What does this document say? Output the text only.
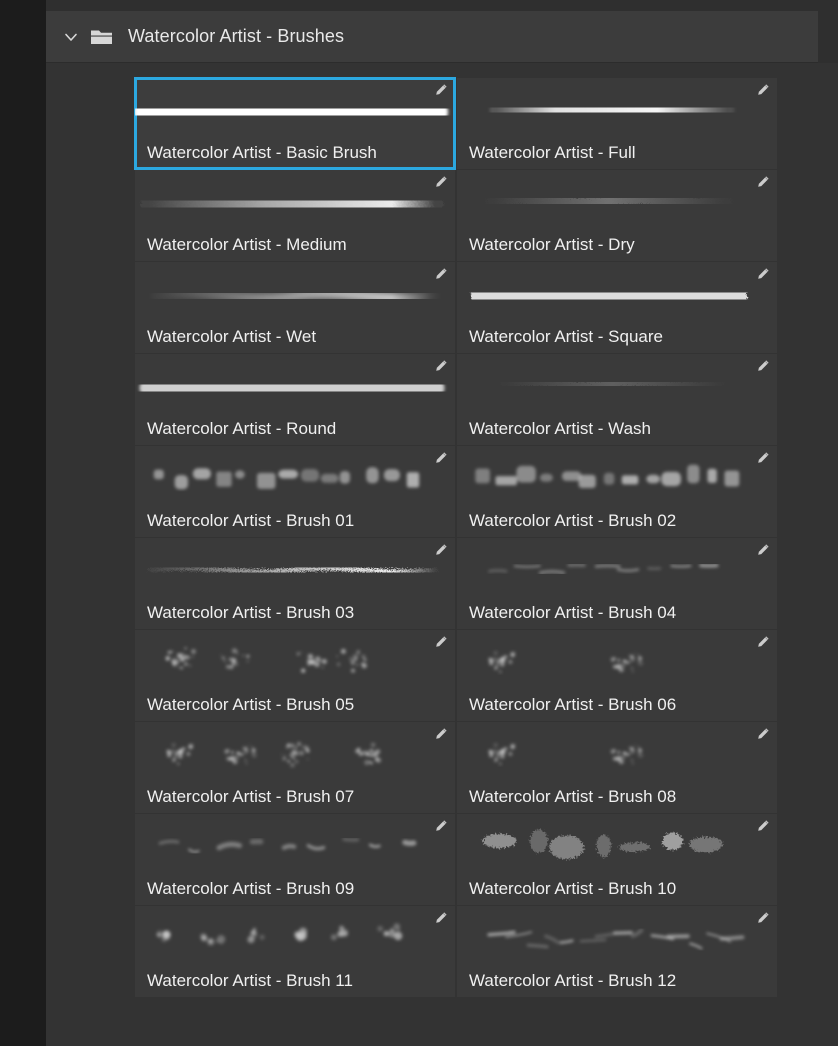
Watercolor Artist - Brushes
Watercolor Artist - Basic Brush	Watercolor Artist - Full
Watercolor Artist - Medium	Watercolor Artist - Dry
Watercolor Artist - Wet	Watercolor Artist - Square
Watercolor Artist - Round	Watercolor Artist - Wash
Watercolor Artist - Brush 01	Watercolor Artist - Brush 02
Watercolor Artist - Brush 03	Watercolor Artist - Brush 04
Watercolor Artist - Brush 05	Watercolor Artist - Brush 06
Watercolor Artist - Brush 07	Watercolor Artist - Brush 08
Watercolor Artist - Brush 09	Watercolor Artist - Brush 10
Watercolor Artist - Brush 11	Watercolor Artist - Brush 12
